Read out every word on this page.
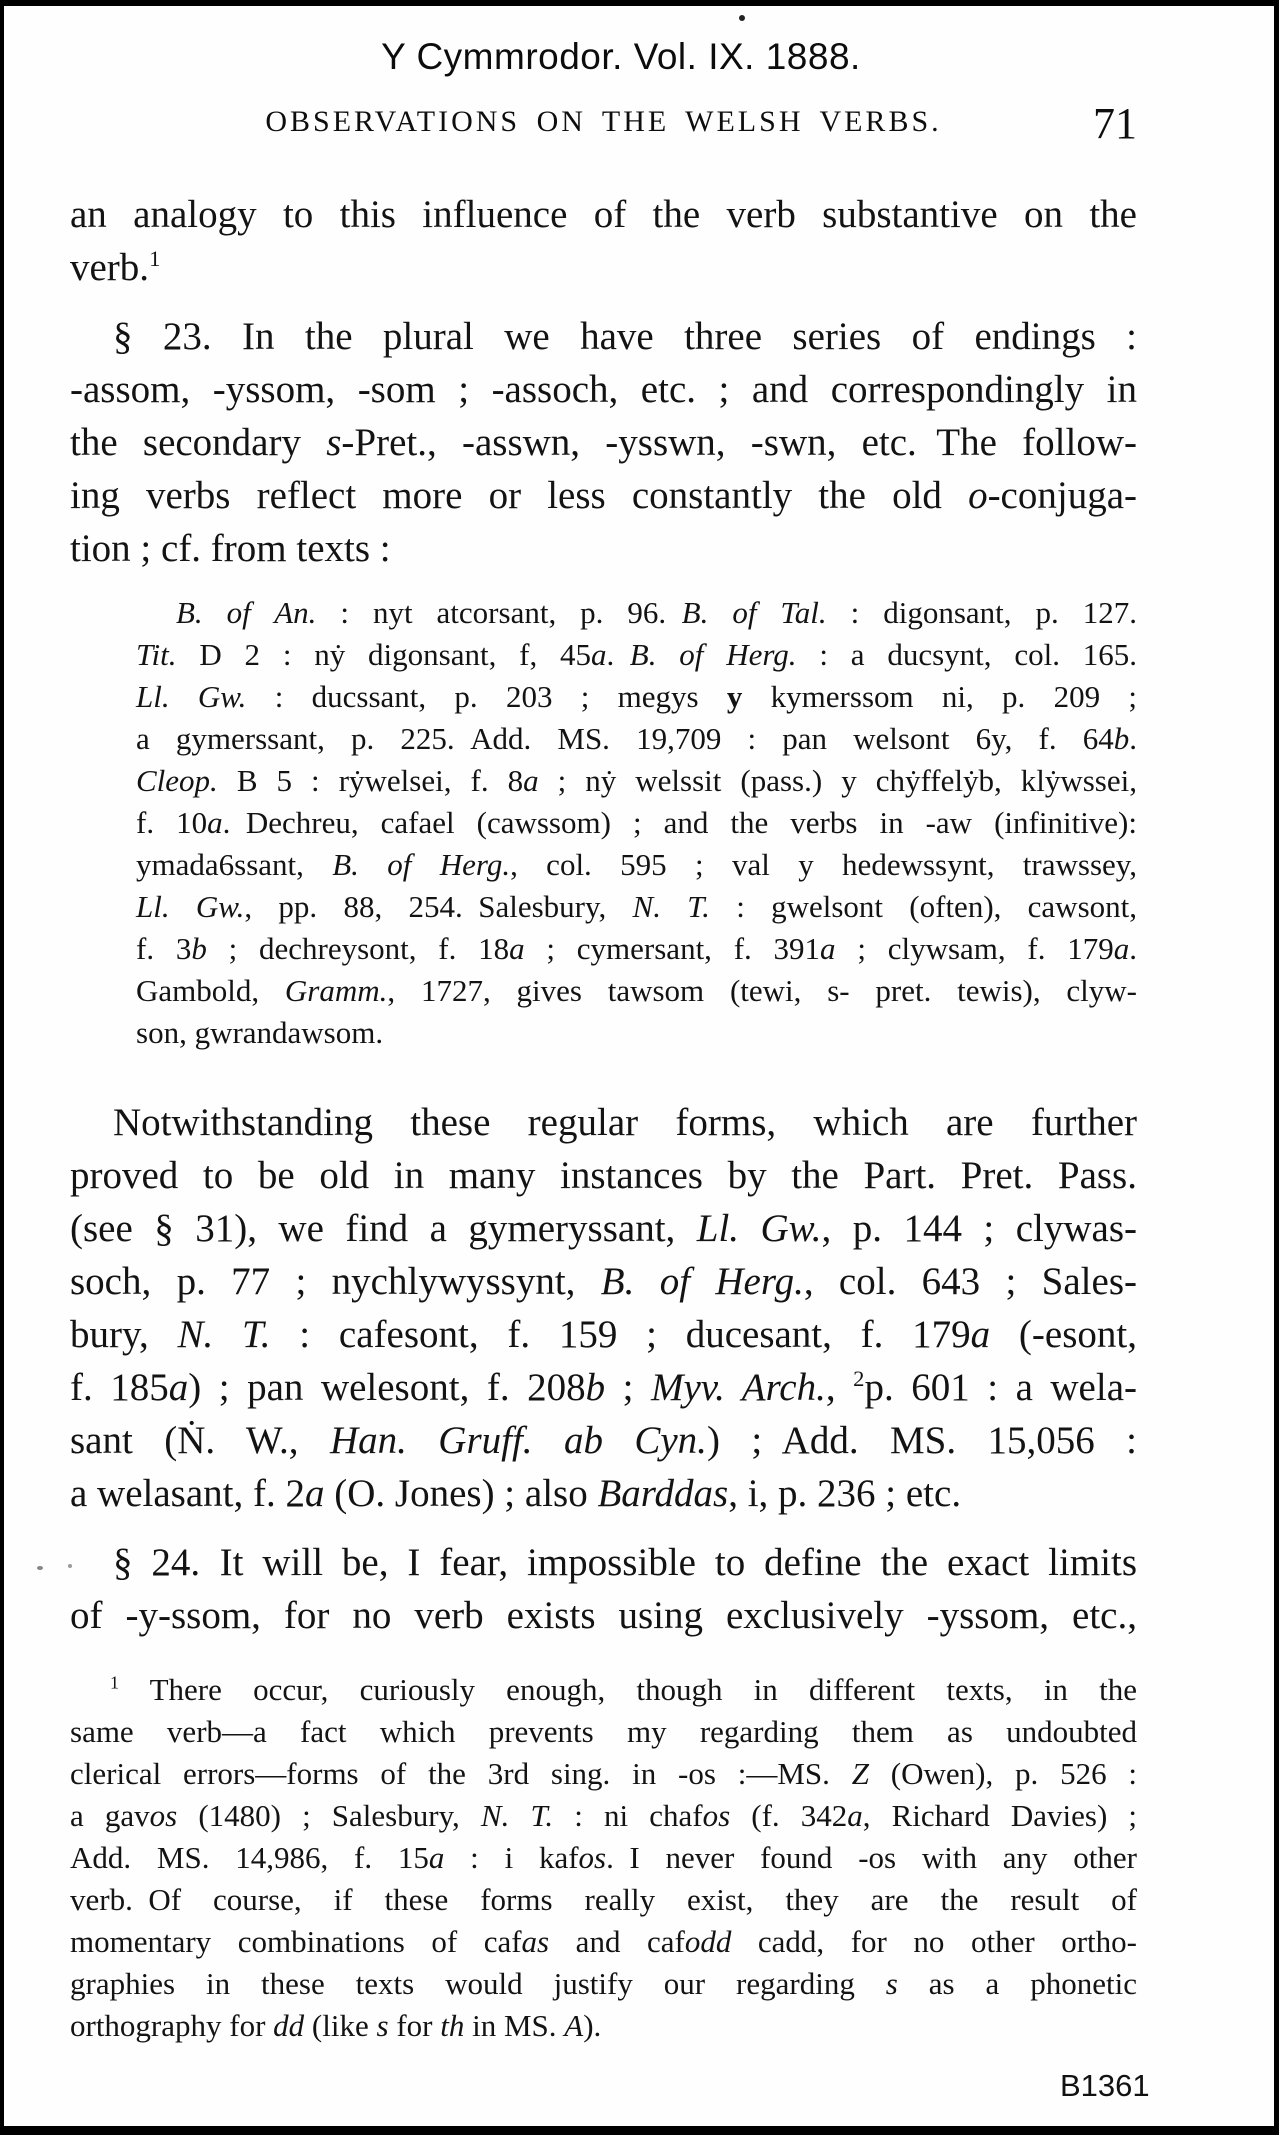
Y Cymmrodor. Vol. IX. 1888.
OBSERVATIONS ON THE WELSH VERBS.	71
an analogy to this influence of the verb substantive on the
verb.$^1$
§ 23. In the plural we have three series of endings :
-assom, -yssom, -som ; -assoch, etc. ; and correspondingly in
the secondary s-Pret., -asswn, -ysswn, -swn, etc. The follow-
ing verbs reflect more or less constantly the old o-conjuga-
tion ; cf. from texts :
B. of An. : nyt atcorsant, p. 96. B. of Tal. : digonsant, p. 127.
Tit. D 2 : nẏ digonsant, f, 45a. B. of Herg. : a ducsynt, col. 165.
Ll. Gw. : ducssant, p. 203 ; megys y kymerssom ni, p. 209 ;
a gymerssant, p. 225. Add. MS. 19,709 : pan welsont 6y, f. 64b.
Cleop. B 5 : rẏwelsei, f. 8a ; nẏ welssit (pass.) y chẏffelẏb, klẏwssei,
f. 10a. Dechreu, cafael (cawssom) ; and the verbs in -aw (infinitive):
ymada6ssant, B. of Herg., col. 595 ; val y hedewssynt, trawssey,
Ll. Gw., pp. 88, 254. Salesbury, N. T. : gwelsont (often), cawsont,
f. 3b ; dechreysont, f. 18a ; cymersant, f. 391a ; clywsam, f. 179a.
Gambold, Gramm., 1727, gives tawsom (tewi, s- pret. tewis), clyw-
son, gwrandawsom.
Notwithstanding these regular forms, which are further
proved to be old in many instances by the Part. Pret. Pass.
(see § 31), we find a gymeryssant, Ll. Gw., p. 144 ; clywas-
soch, p. 77 ; nychlywyssynt, B. of Herg., col. 643 ; Sales-
bury, N. T. : cafesont, f. 159 ; ducesant, f. 179a (-esont,
f. 185a) ; pan welesont, f. 208b ; Myv. Arch., $^2$p. 601 : a wela-
sant (Ṅ. W., Han. Gruff. ab Cyn.) ; Add. MS. 15,056 :
a welasant, f. 2a (O. Jones) ; also Barddas, i, p. 236 ; etc.
§ 24. It will be, I fear, impossible to define the exact limits
of -y-ssom, for no verb exists using exclusively -yssom, etc.,
$^1$ There occur, curiously enough, though in different texts, in the
same verb—a fact which prevents my regarding them as undoubted
clerical errors—forms of the 3rd sing. in -os :—MS. Z (Owen), p. 526 :
a gavos (1480) ; Salesbury, N. T. : ni chafos (f. 342a, Richard Davies) ;
Add. MS. 14,986, f. 15a : i kafos. I never found -os with any other
verb. Of course, if these forms really exist, they are the result of
momentary combinations of cafas and cafodd cadd, for no other ortho-
graphies in these texts would justify our regarding s as a phonetic
orthography for dd (like s for th in MS. A).
B1361
